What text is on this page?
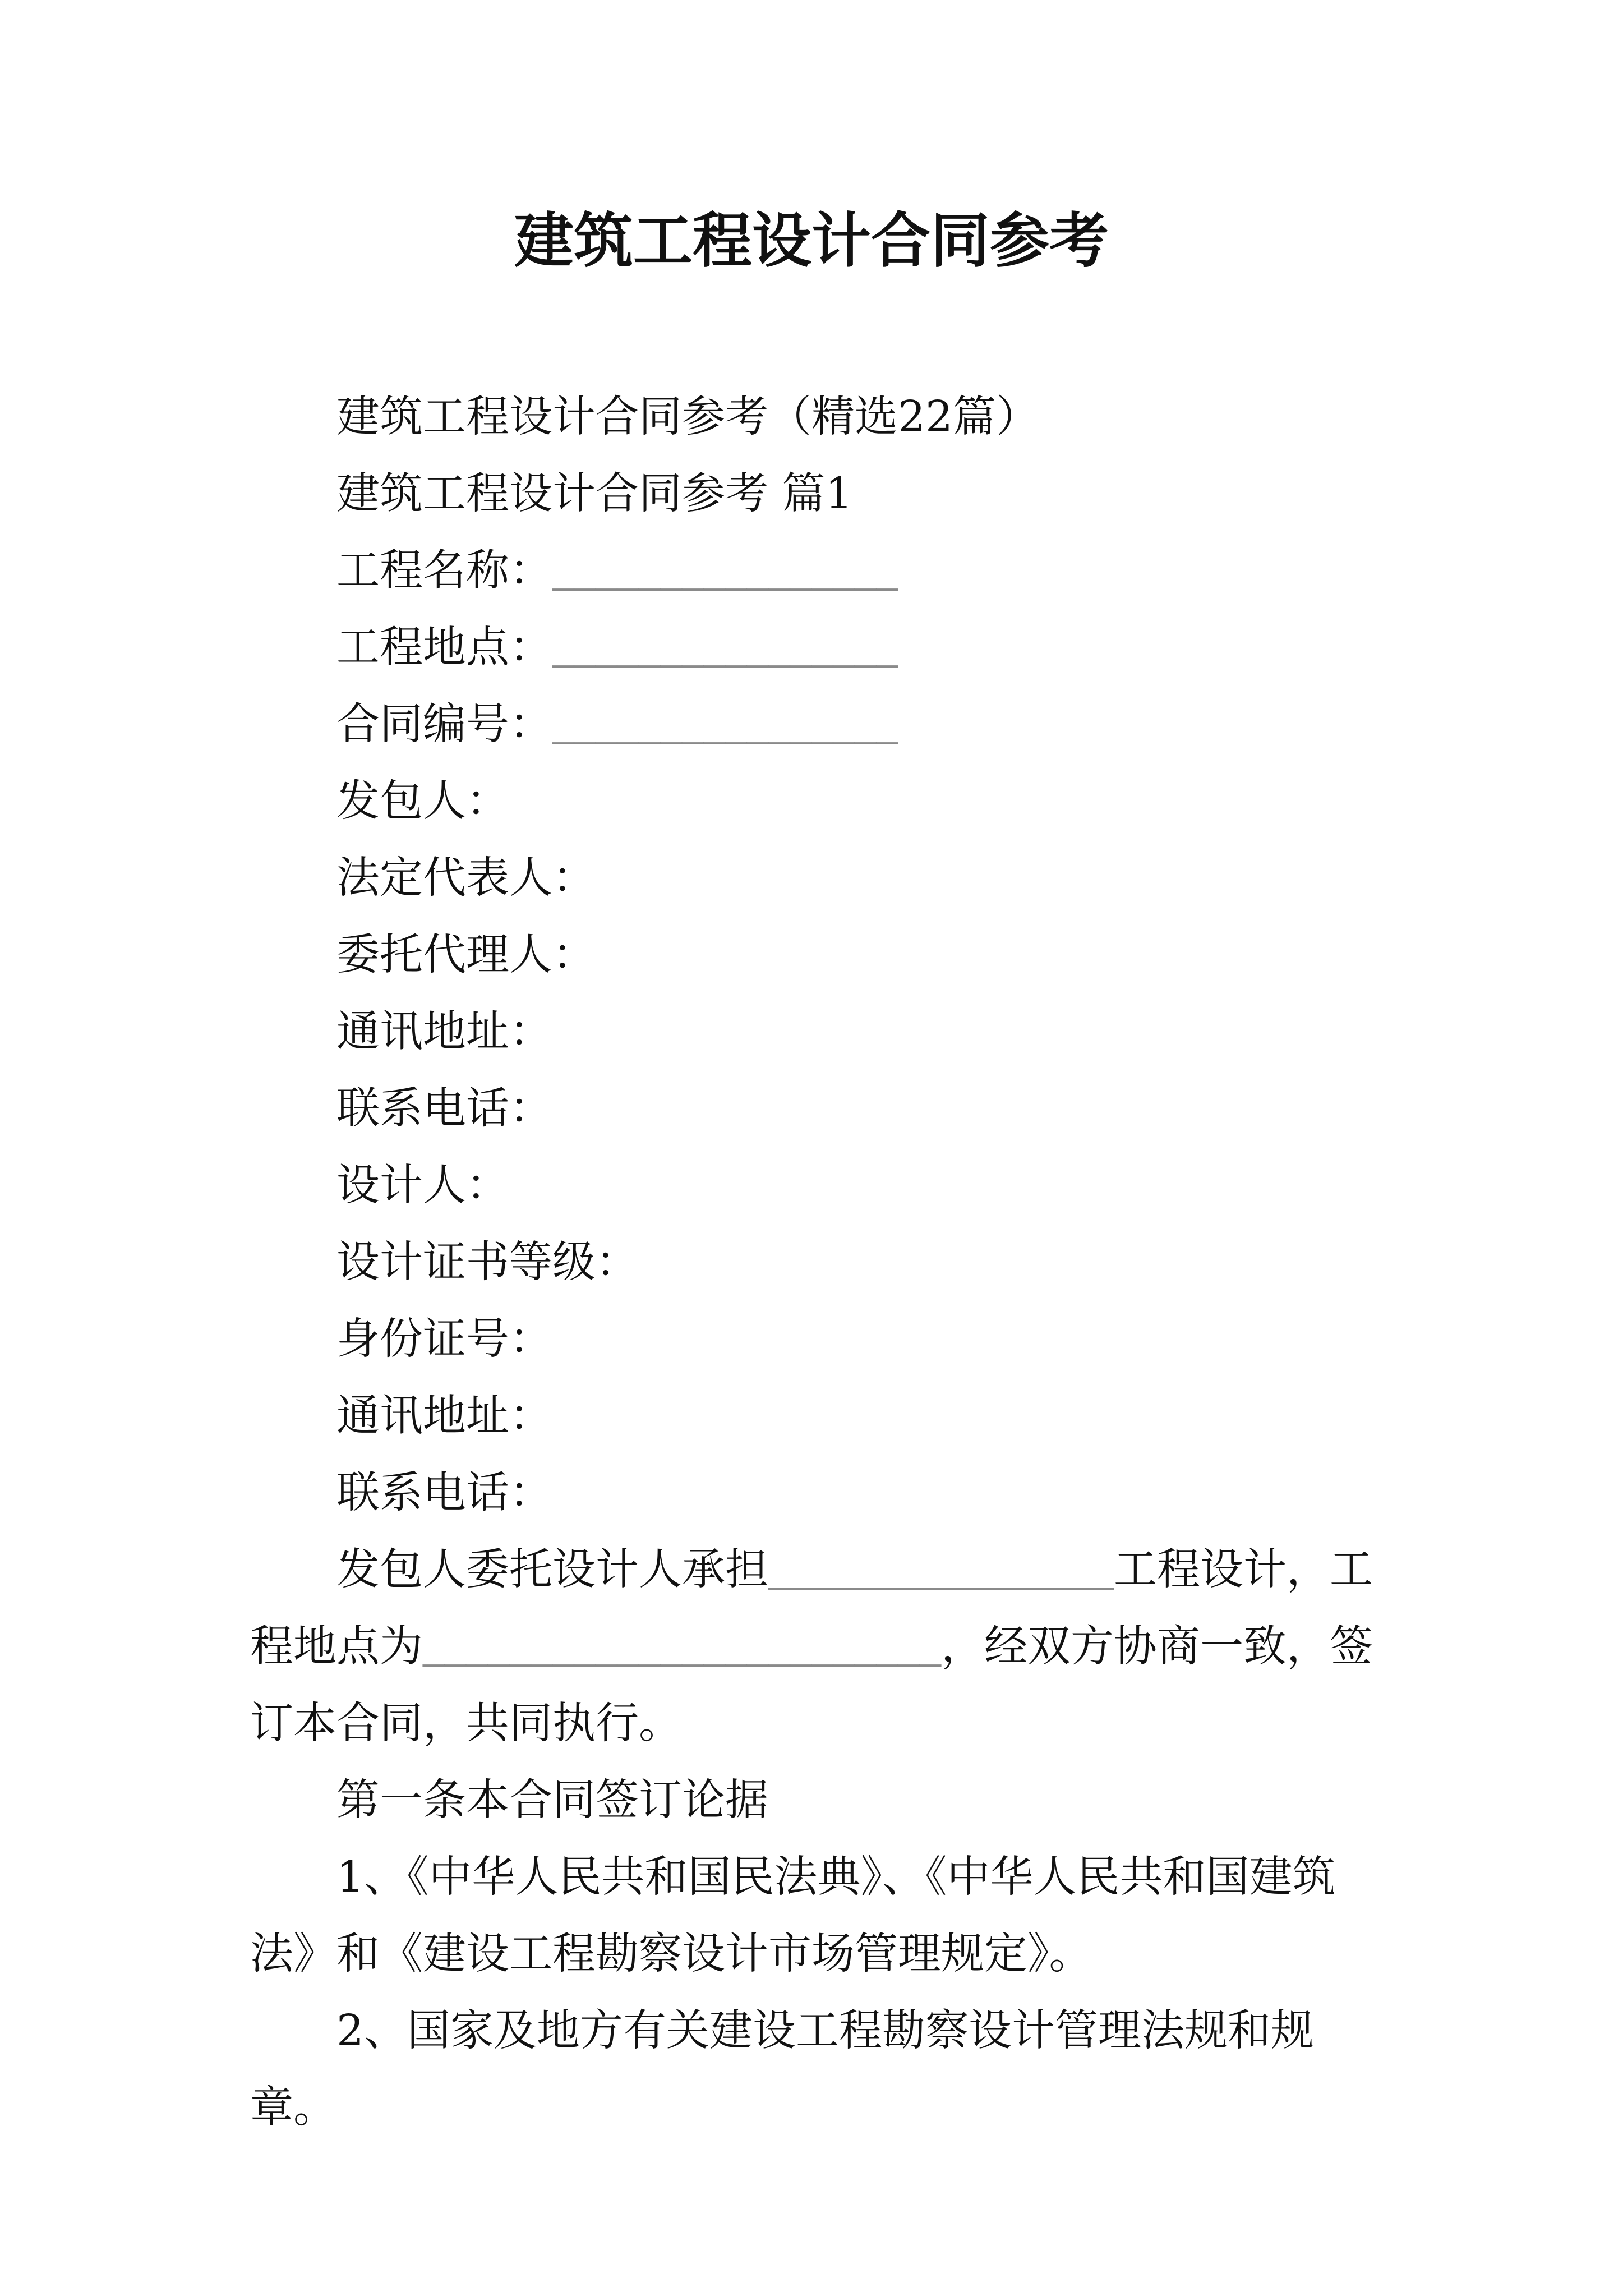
建筑工程设计合同参考

建筑工程设计合同参考（精选22篇）

建筑工程设计合同参考 篇1

工程名称：________________

工程地点：________________

合同编号：________________

发包人：

法定代表人：

委托代理人：

通讯地址：

联系电话：

设计人：

设计证书等级：

身份证号：

通讯地址：

联系电话：

发包人委托设计人承担________________工程设计，工程地点为________________________，经双方协商一致，签订本合同，共同执行。

第一条本合同签订论据

1、《中华人民共和国民法典》、《中华人民共和国建筑法》和《建设工程勘察设计市场管理规定》。

2、国家及地方有关建设工程勘察设计管理法规和规章。
